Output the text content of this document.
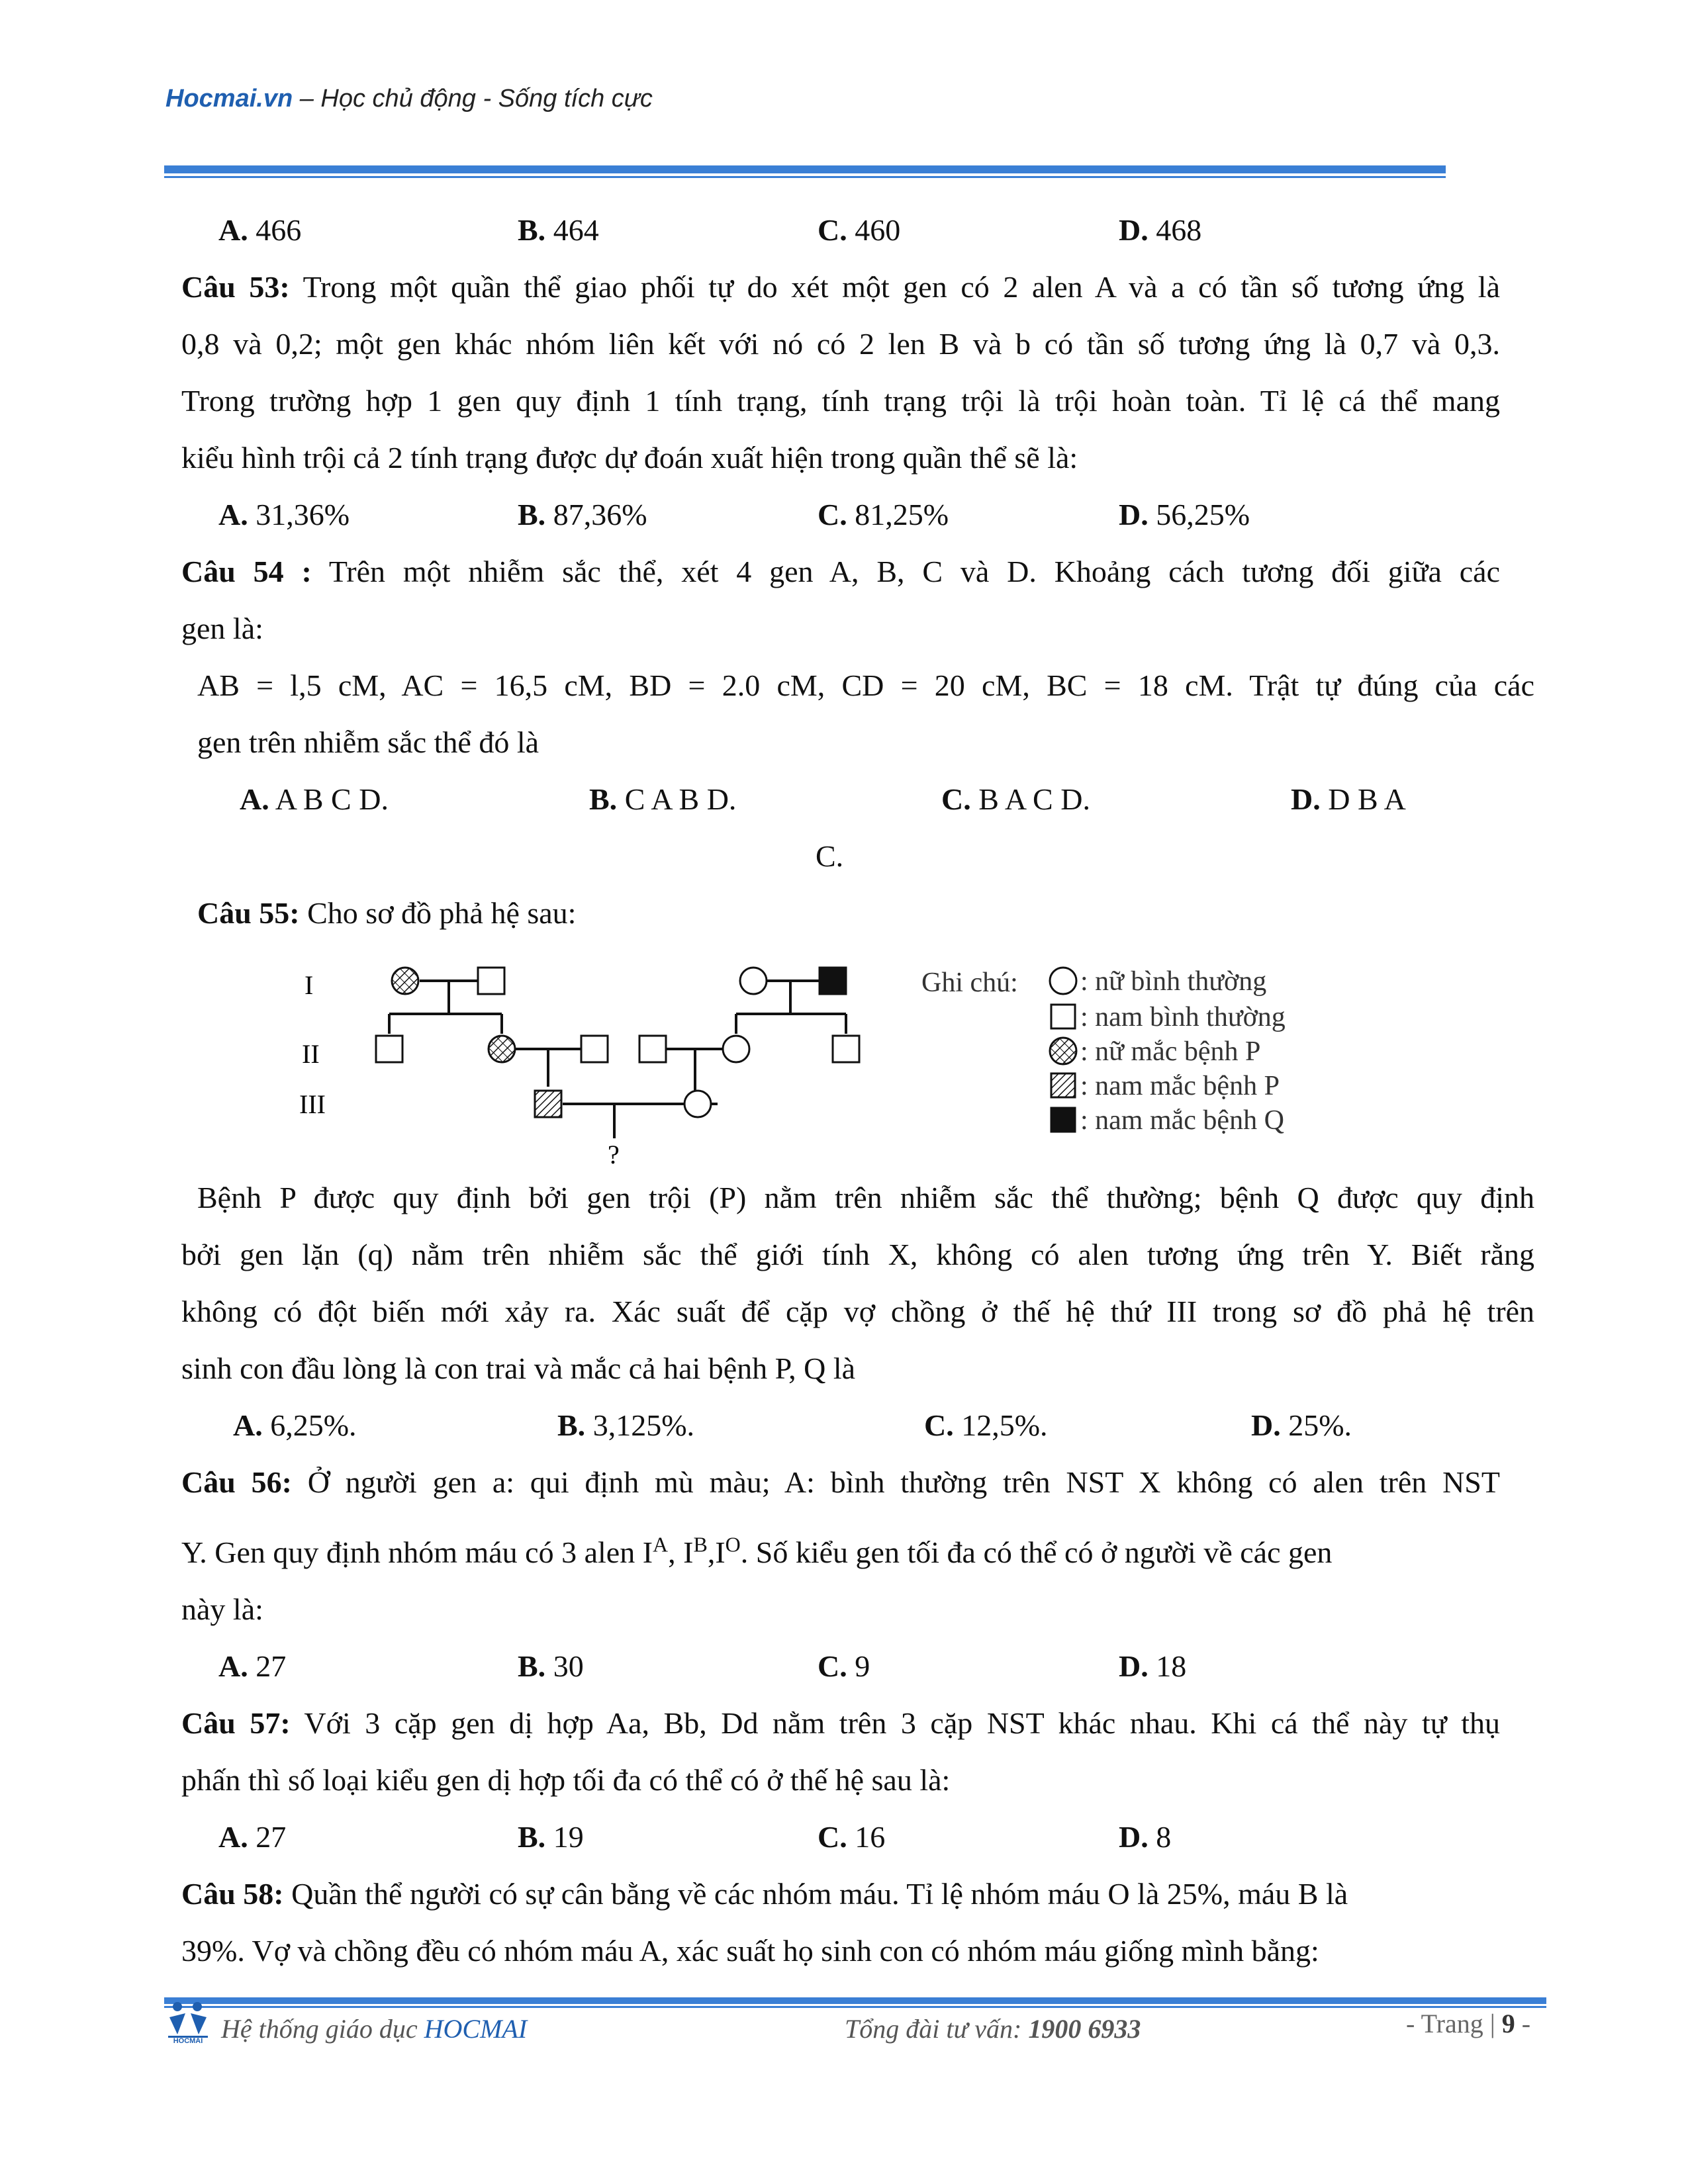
Hocmai.vn – Học chủ động - Sống tích cực
A. 466	B. 464	C. 460	D. 468
Câu 53: Trong một quần thể giao phối tự do xét một gen có 2 alen A và a có tần số tương ứng là
0,8 và 0,2; một gen khác nhóm liên kết với nó có 2 len B và b có tần số tương ứng là 0,7 và 0,3.
Trong trường hợp 1 gen quy định 1 tính trạng, tính trạng trội là trội hoàn toàn. Tỉ lệ cá thể mang
kiểu hình trội cả 2 tính trạng được dự đoán xuất hiện trong quần thể sẽ là:
A. 31,36%	B. 87,36%	C. 81,25%	D. 56,25%
Câu 54 : Trên một nhiễm sắc thể, xét 4 gen A, B, C và D. Khoảng cách tương đối giữa các
gen là:
AB = l,5 cM, AC = 16,5 cM, BD = 2.0 cM, CD = 20 cM, BC = 18 cM. Trật tự đúng của các
gen trên nhiễm sắc thể đó là
A. A B C D.	B. C A B D.	C. B A C D.	D. D B A
C.
Câu 55: Cho sơ đồ phả hệ sau:
I
II
III
?
Ghi chú: : nữ bình thường
: nam bình thường
: nữ mắc bệnh P
: nam mắc bệnh P
: nam mắc bệnh Q
Bệnh P được quy định bởi gen trội (P) nằm trên nhiễm sắc thể thường; bệnh Q được quy định
bởi gen lặn (q) nằm trên nhiễm sắc thể giới tính X, không có alen tương ứng trên Y. Biết rằng
không có đột biến mới xảy ra. Xác suất để cặp vợ chồng ở thế hệ thứ III trong sơ đồ phả hệ trên
sinh con đầu lòng là con trai và mắc cả hai bệnh P, Q là
A. 6,25%.	B. 3,125%.	C. 12,5%.	D. 25%.
Câu 56: Ở người gen a: qui định mù màu; A: bình thường trên NST X không có alen trên NST
Y. Gen quy định nhóm máu có 3 alen $I^A$, $I^B,I^O$. Số kiểu gen tối đa có thể có ở người về các gen
này là:
A. 27	B. 30	C. 9	D. 18
Câu 57: Với 3 cặp gen dị hợp Aa, Bb, Dd nằm trên 3 cặp NST khác nhau. Khi cá thể này tự thụ
phấn thì số loại kiểu gen dị hợp tối đa có thể có ở thế hệ sau là:
A. 27	B. 19	C. 16	D. 8
Câu 58: Quần thể người có sự cân bằng về các nhóm máu. Tỉ lệ nhóm máu O là 25%, máu B là
39%. Vợ và chồng đều có nhóm máu A, xác suất họ sinh con có nhóm máu giống mình bằng:
HOCMAI Hệ thống giáo dục HOCMAI	Tổng đài tư vấn: 1900 6933	- Trang | 9 -
